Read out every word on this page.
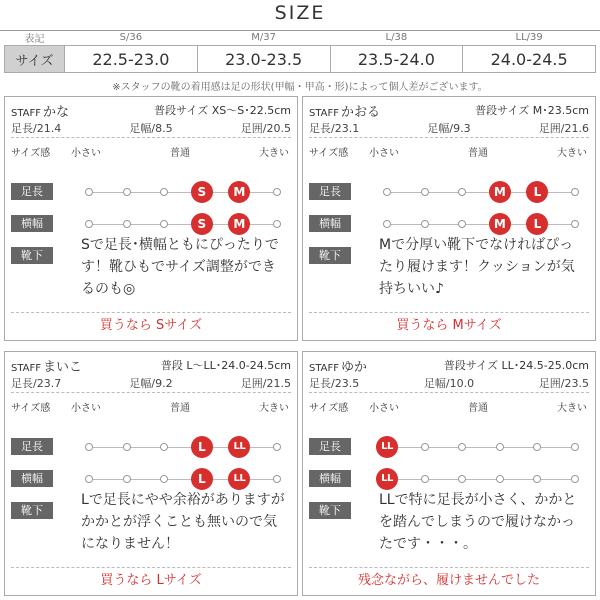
SIZE
表記	S/36	M/37	L/38	LL/39
サイズ	22.5-23.0	23.0-23.5	23.5-24.0	24.0-24.5
※スタッフの靴の着用感は足の形状(甲幅・甲高・形)によって個人差がございます。
STAFF かな	普段サイズ XS〜S･22.5cm
足長/21.4	足幅/8.5	足囲/20.5
サイズ感 小さい	普通	大きい
足長
横幅
靴下
Sで足長･横幅ともにぴったりです！靴ひもでサイズ調整ができるのも◎
買うなら Sサイズ
S	M
S	M
STAFF かおる	普段サイズ M･23.5cm
足長/23.1	足幅/9.3	足囲/21.6
サイズ感 小さい	普通	大きい
足長
横幅
靴下
Mで分厚い靴下でなければぴったり履けます！クッションが気持ちいい♪
買うなら Mサイズ
M	L
M	L
STAFF まいこ	普段 L〜LL･24.0-24.5cm
足長/23.7	足幅/9.2	足囲/21.5
サイズ感 小さい	普通	大きい
足長
横幅
靴下
Lで足長にやや余裕がありますがかかとが浮くことも無いので気になりません！
買うなら Lサイズ
L	LL
L	LL
STAFF ゆか	普段サイズ LL･24.5-25.0cm
足長/23.5	足幅/10.0	足囲/23.5
サイズ感 小さい	普通	大きい
足長
横幅
靴下
LLで特に足長が小さく、かかとを踏んでしまうので履けなかったです・・・。
残念ながら、履けませんでした
LL
LL
